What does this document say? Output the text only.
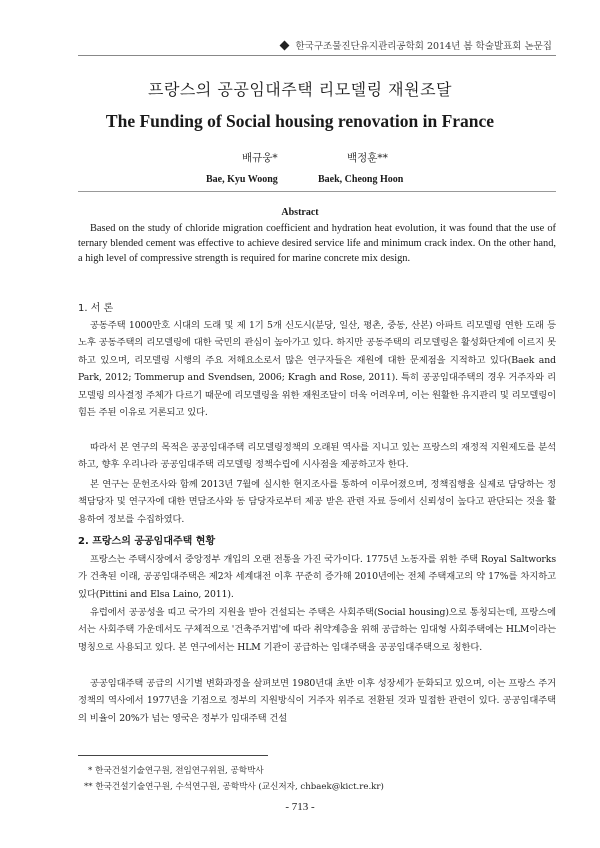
한국구조물진단유지관리공학회 2014년 봄 학술발표회 논문집
프랑스의 공공임대주택 리모델링 재원조달
The Funding of Social housing renovation in France
배규웅*	백정훈**
Bae, Kyu Woong	Baek, Cheong Hoon
Abstract

Based on the study of chloride migration coefficient and hydration heat evolution, it was found that the use of ternary blended cement was effective to achieve desired service life and minimum crack index. On the other hand, a high level of compressive strength is required for marine concrete mix design.

1. 서 론

공동주택 1000만호 시대의 도래 및 제 1기 5개 신도시(분당, 일산, 평촌, 중동, 산본) 아파트 리모델링 연한 도래 등 노후 공동주택의 리모델링에 대한 국민의 관심이 높아가고 있다. 하지만 공동주택의 리모델링은 활성화단계에 이르지 못하고 있으며, 리모델링 시행의 주요 저해요소로서 많은 연구자들은 재원에 대한 문제점을 지적하고 있다(Baek and Park, 2012; Tommerup and Svendsen, 2006; Kragh and Rose, 2011). 특히 공공임대주택의 경우 거주자와 리모델링 의사결정 주체가 다르기 때문에 리모델링을 위한 재원조달이 더욱 어려우며, 이는 원활한 유지관리 및 리모델링이 힘든 주된 이유로 거론되고 있다.

따라서 본 연구의 목적은 공공임대주택 리모델링정책의 오래된 역사를 지니고 있는 프랑스의 재정적 지원제도를 분석하고, 향후 우리나라 공공임대주택 리모델링 정책수립에 시사점을 제공하고자 한다.

본 연구는 문헌조사와 함께 2013년 7월에 실시한 현지조사를 통하여 이루어졌으며, 정책집행을 실제로 담당하는 정책담당자 및 연구자에 대한 면담조사와 동 담당자로부터 제공 받은 관련 자료 등에서 신뢰성이 높다고 판단되는 것을 활용하여 정보를 수집하였다.

2. 프랑스의 공공임대주택 현황

프랑스는 주택시장에서 중앙정부 개입의 오랜 전통을 가진 국가이다. 1775년 노동자를 위한 주택 Royal Saltworks가 건축된 이래, 공공임대주택은 제2차 세계대전 이후 꾸준히 증가해 2010년에는 전체 주택재고의 약 17%를 차지하고 있다(Pittini and Elsa Laino, 2011).

유럽에서 공공성을 띠고 국가의 지원을 받아 건설되는 주택은 사회주택(Social housing)으로 통칭되는데, 프랑스에서는 사회주택 가운데서도 구체적으로 '건축주거법'에 따라 취약계층을 위해 공급하는 임대형 사회주택에는 HLM이라는 명칭으로 사용되고 있다. 본 연구에서는 HLM 기관이 공급하는 임대주택을 공공임대주택으로 칭한다.

공공임대주택 공급의 시기별 변화과정을 살펴보면 1980년대 초반 이후 성장세가 둔화되고 있으며, 이는 프랑스 주거정책의 역사에서 1977년을 기점으로 정부의 지원방식이 거주자 위주로 전환된 것과 밀접한 관련이 있다. 공공임대주택의 비율이 20%가 넘는 영국은 정부가 임대주택 건설

* 한국건설기술연구원, 전임연구위원, 공학박사
** 한국건설기술연구원, 수석연구원, 공학박사 (교신저자, chbaek@kict.re.kr)
- 713 -
